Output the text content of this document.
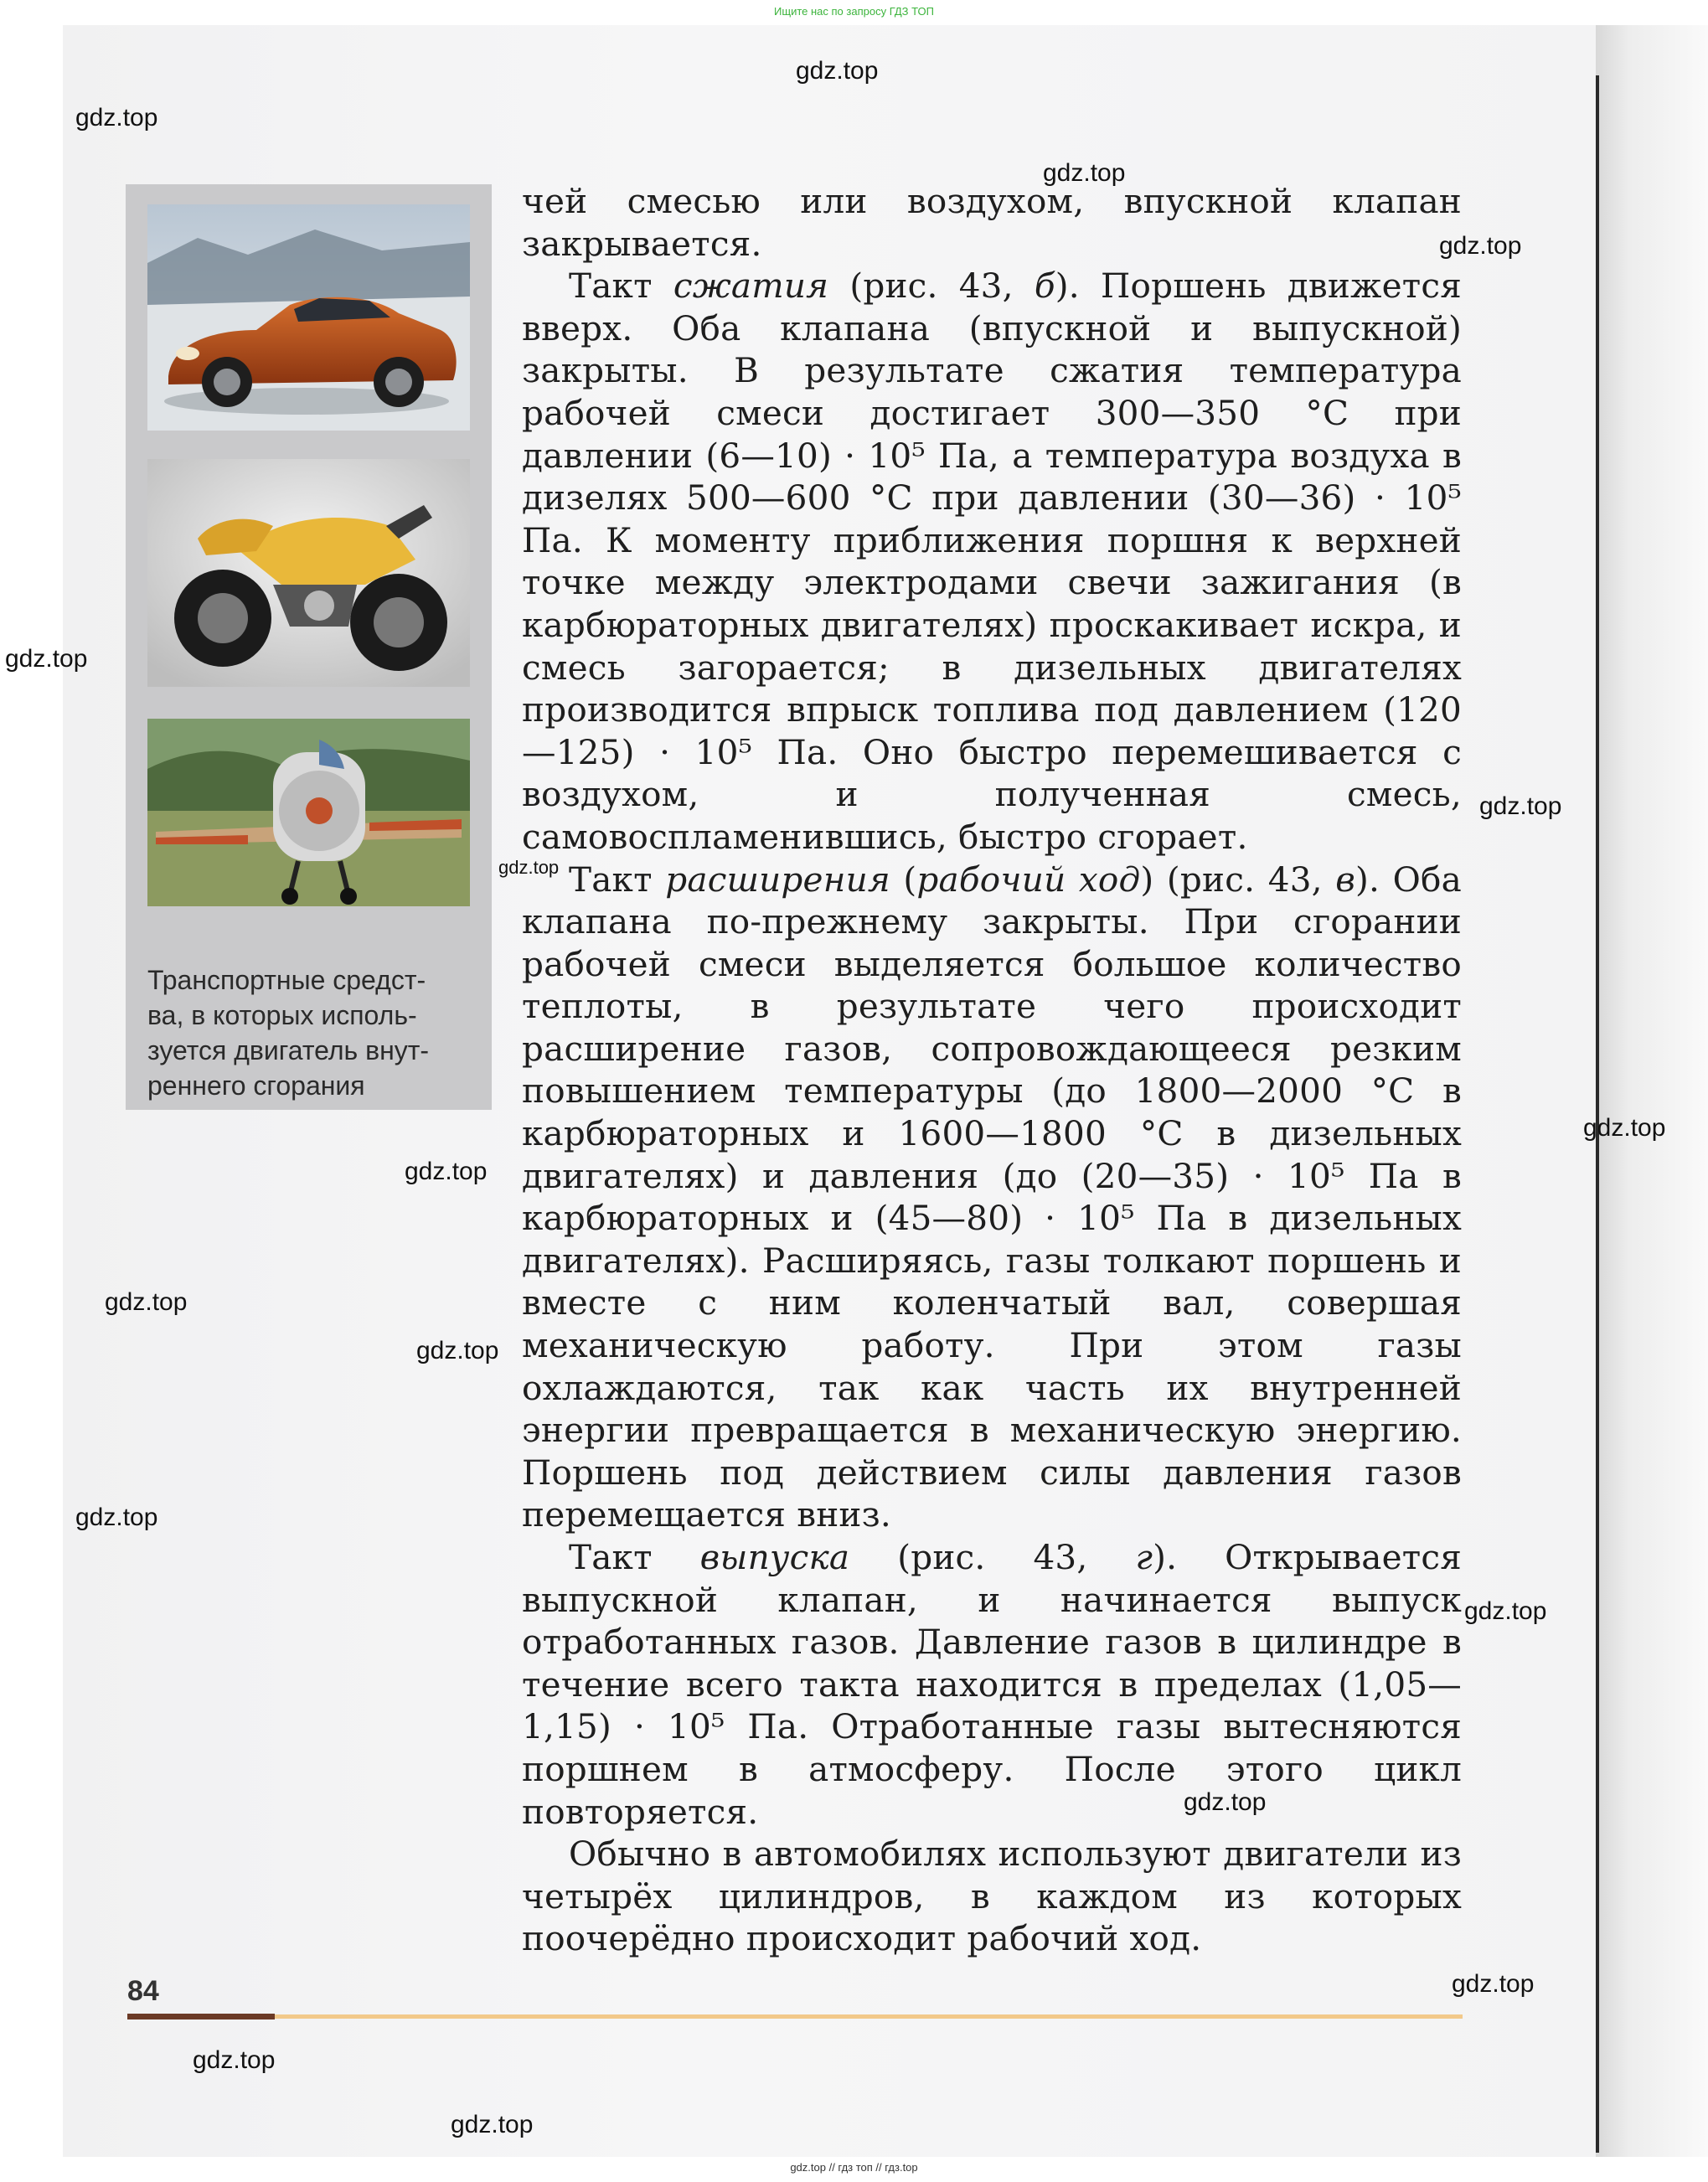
Ищите нас по запросу ГДЗ ТОП
Транспортные средст-
ва, в которых исполь-
зуется двигатель внут-
реннего сгорания

чей смесью или воздухом, впускной клапан закрывается.

Такт сжатия (рис. 43, б). Поршень движется вверх. Оба клапана (впускной и выпускной) закрыты. В результате сжатия температура рабочей смеси достигает 300—350 °С при давлении (6—10) · 10⁵ Па, а температура воздуха в дизелях 500—600 °С при давлении (30—36) · 10⁵ Па. К моменту приближения поршня к верхней точке между электродами свечи зажигания (в карбюраторных двигателях) проскакивает искра, и смесь загорается; в дизельных двигателях производится впрыск топлива под давлением (120—125) · 10⁵ Па. Оно быстро перемешивается с воздухом, и полученная смесь, самовоспламенившись, быстро сгорает.

Такт расширения (рабочий ход) (рис. 43, в). Оба клапана по-прежнему закрыты. При сгорании рабочей смеси выделяется большое количество теплоты, в результате чего происходит расширение газов, сопровождающееся резким повышением температуры (до 1800—2000 °С в карбюраторных и 1600—1800 °С в дизельных двигателях) и давления (до (20—35) · 10⁵ Па в карбюраторных и (45—80) · 10⁵ Па в дизельных двигателях). Расширяясь, газы толкают поршень и вместе с ним коленчатый вал, совершая механическую работу. При этом газы охлаждаются, так как часть их внутренней энергии превращается в механическую энергию. Поршень под действием силы давления газов перемещается вниз.

Такт выпуска (рис. 43, г). Открывается выпускной клапан, и начинается выпуск отработанных газов. Давление газов в цилиндре в течение всего такта находится в пределах (1,05—1,15) · 10⁵ Па. Отработанные газы вытесняются поршнем в атмосферу. После этого цикл повторяется.

Обычно в автомобилях используют двигатели из четырёх цилиндров, в каждом из которых поочерёдно происходит рабочий ход.

84
gdz.top
gdz.top
gdz.top
gdz.top
gdz.top
gdz.top
gdz.top
gdz.top
gdz.top
gdz.top
gdz.top
gdz.top
gdz.top
gdz.top
gdz.top
gdz.top
gdz.top
gdz.top // гдз топ // гдз.top
